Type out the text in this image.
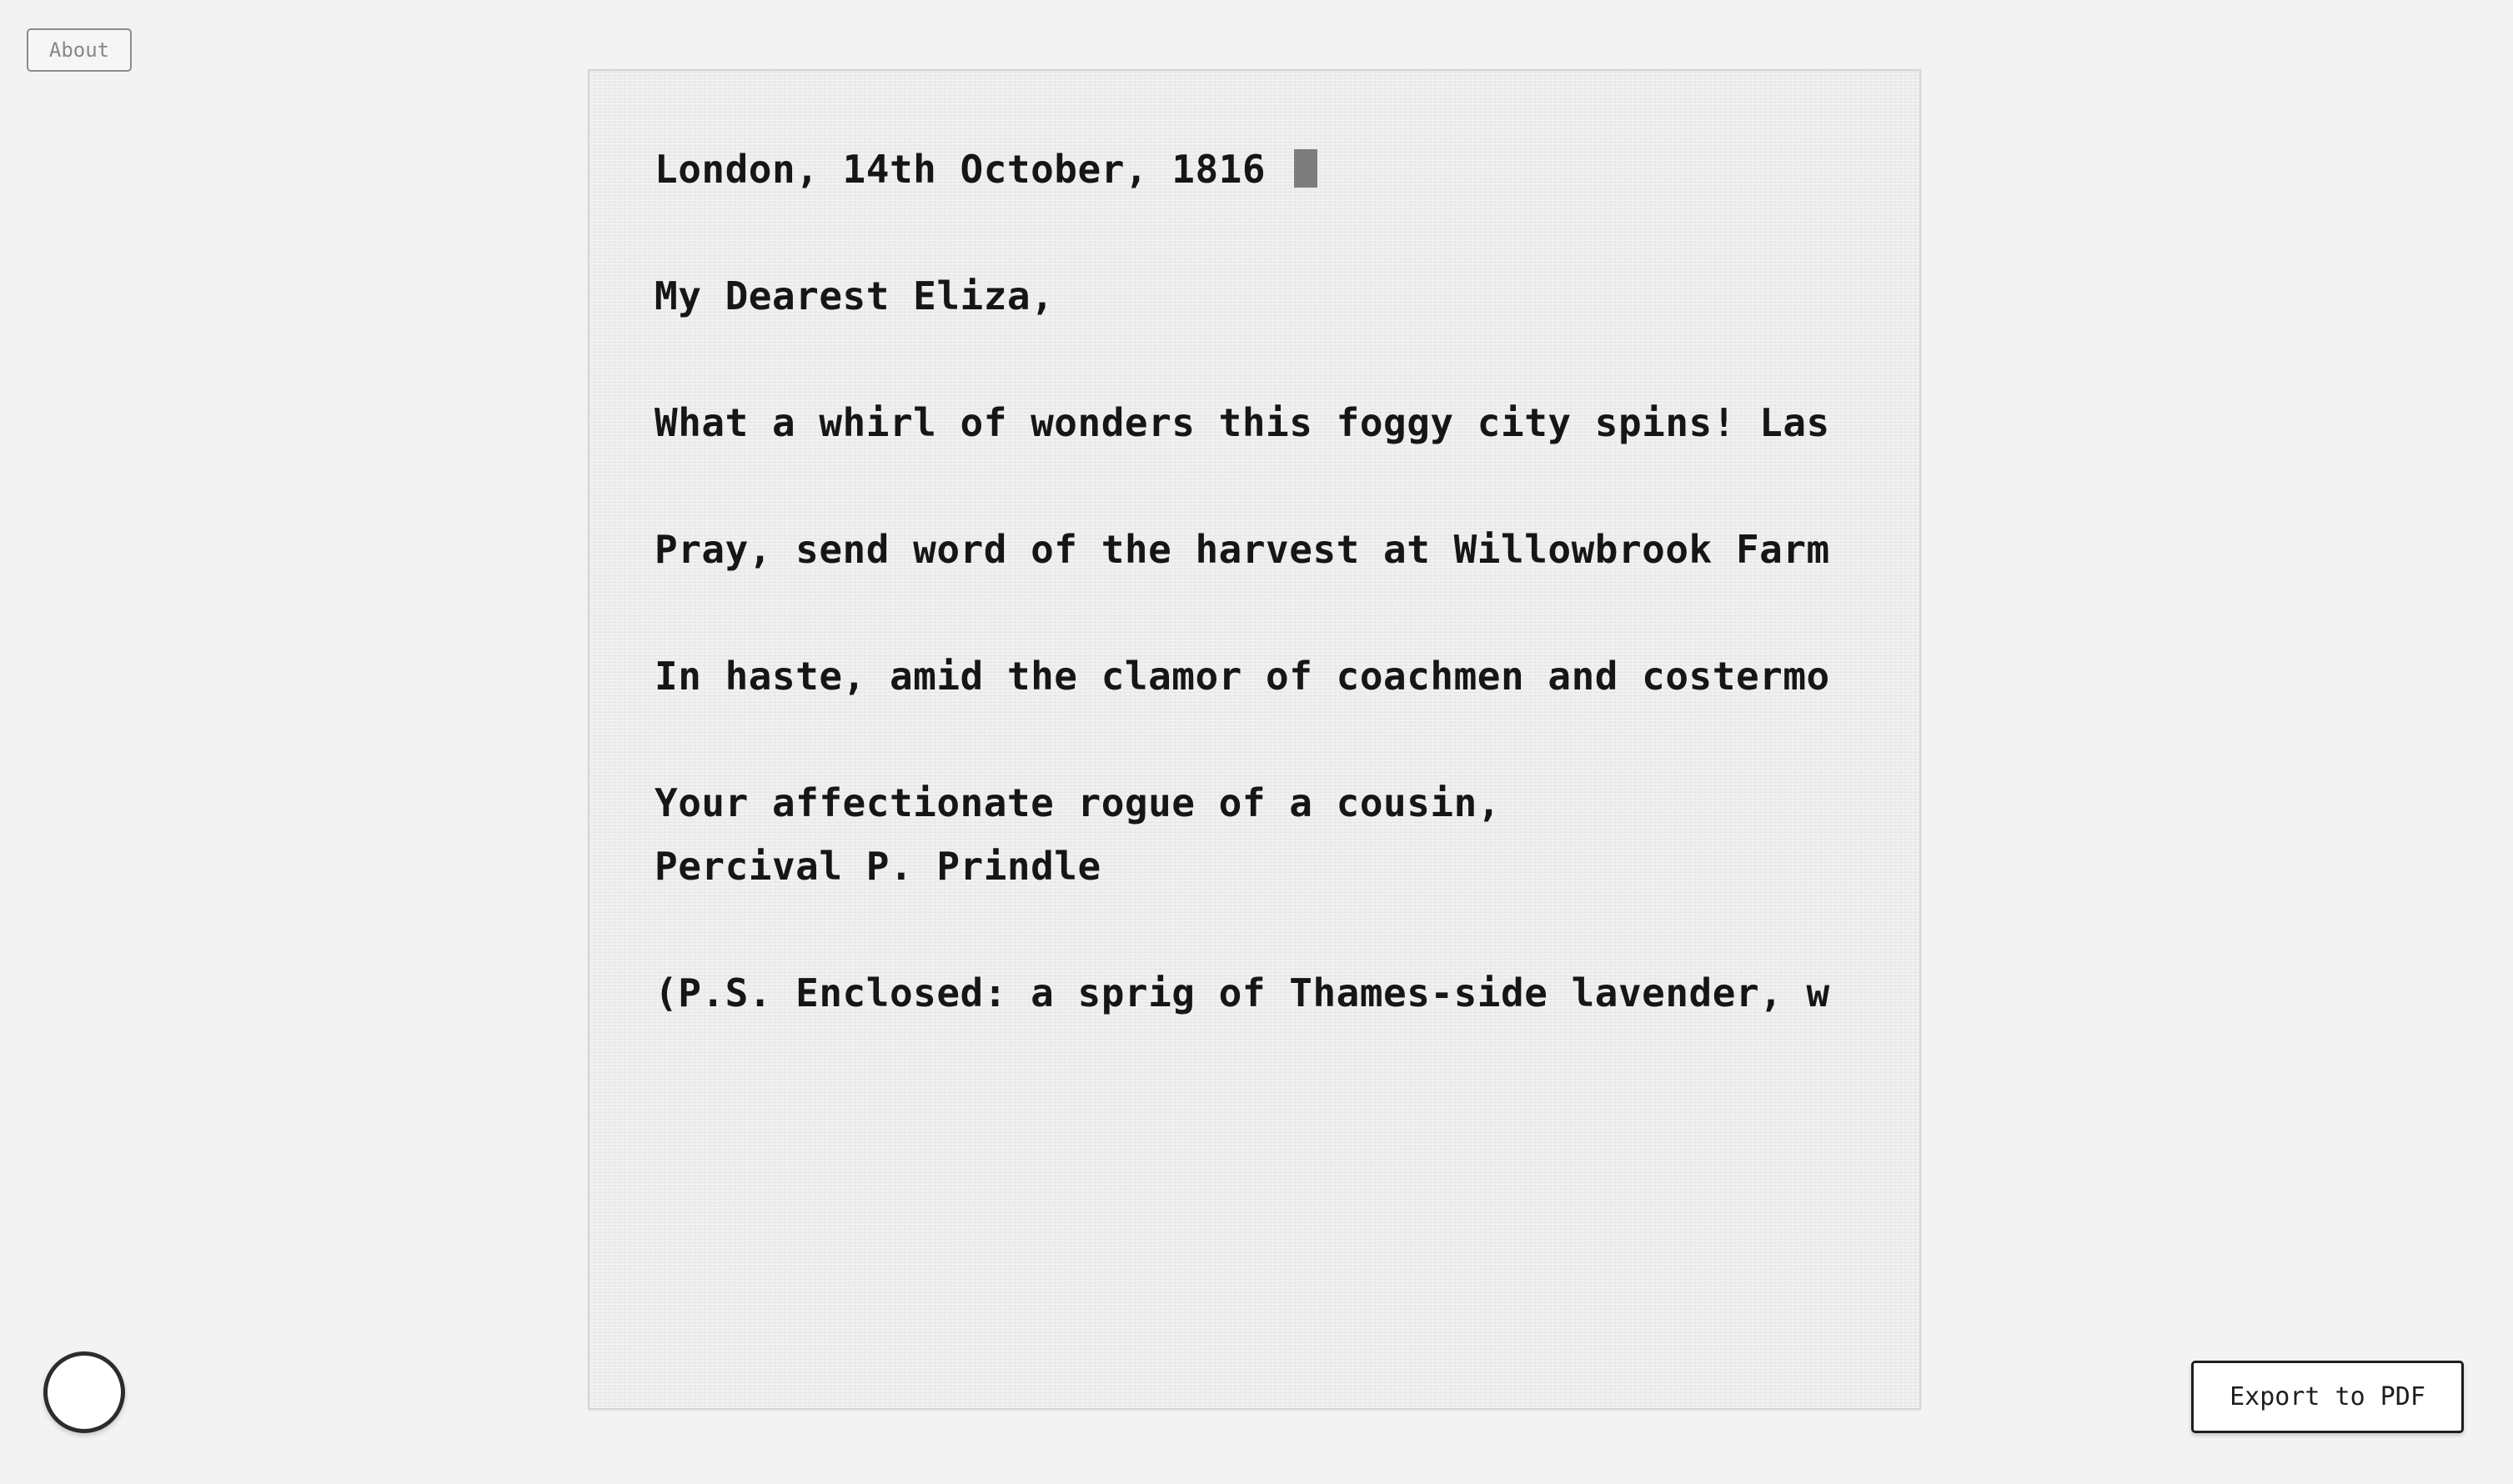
About
London, 14th October, 1816
My Dearest Eliza,
What a whirl of wonders this foggy city spins! Las
Pray, send word of the harvest at Willowbrook Farm
In haste, amid the clamor of coachmen and costermo
Your affectionate rogue of a cousin,
Percival P. Prindle
(P.S. Enclosed: a sprig of Thames-side lavender, w
Export to PDF
